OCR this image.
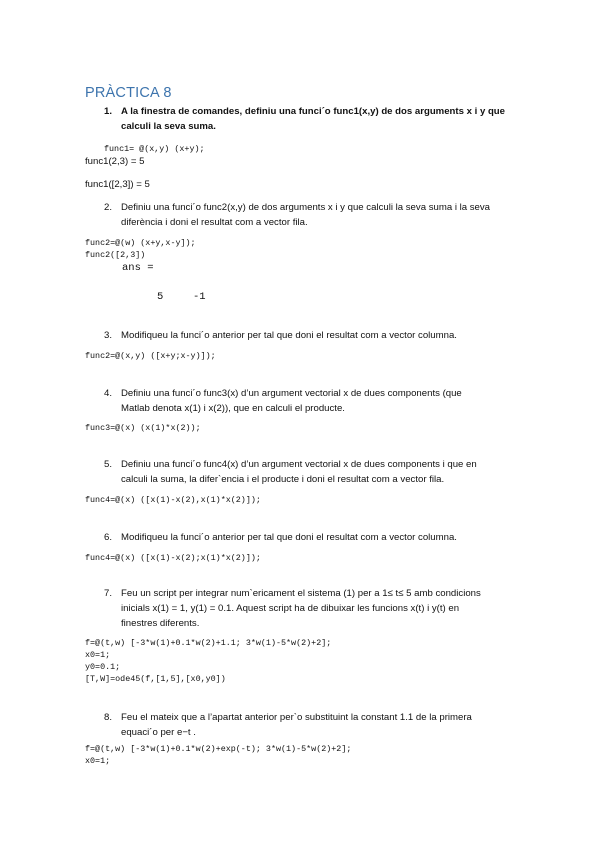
PRÀCTICA 8
1. A la finestra de comandes, definiu una funci´o func1(x,y) de dos arguments x i y que
calculi la seva suma.
func1= @(x,y) (x+y);
func1(2,3) = 5
func1([2,3]) = 5
2. Definiu una funci´o func2(x,y) de dos arguments x i y que calculi la seva suma i la seva
diferència i doni el resultat com a vector fila.
func2=@(w) (x+y,x-y]);
func2([2,3])
ans =
5	-1
3. Modifiqueu la funci´o anterior per tal que doni el resultat com a vector columna.
func2=@(x,y) ([x+y;x-y)]);
4. Definiu una funci´o func3(x) d’un argument vectorial x de dues components (que
Matlab denota x(1) i x(2)), que en calculi el producte.
func3=@(x) (x(1)*x(2));
5. Definiu una funci´o func4(x) d’un argument vectorial x de dues components i que en
calculi la suma, la difer`encia i el producte i doni el resultat com a vector fila.
func4=@(x) ([x(1)-x(2),x(1)*x(2)]);
6. Modifiqueu la funci´o anterior per tal que doni el resultat com a vector columna.
func4=@(x) ([x(1)-x(2);x(1)*x(2)]);
7. Feu un script per integrar num`ericament el sistema (1) per a 1≤ t≤ 5 amb condicions
inicials x(1) = 1, y(1) = 0.1. Aquest script ha de dibuixar les funcions x(t) i y(t) en
finestres diferents.
f=@(t,w) [-3*w(1)+0.1*w(2)+1.1; 3*w(1)-5*w(2)+2];
x0=1;
y0=0.1;
[T,W]=ode45(f,[1,5],[x0,y0])
8. Feu el mateix que a l’apartat anterior per`o substituint la constant 1.1 de la primera
equaci´o per e−t .
f=@(t,w) [-3*w(1)+0.1*w(2)+exp(-t); 3*w(1)-5*w(2)+2];
x0=1;
